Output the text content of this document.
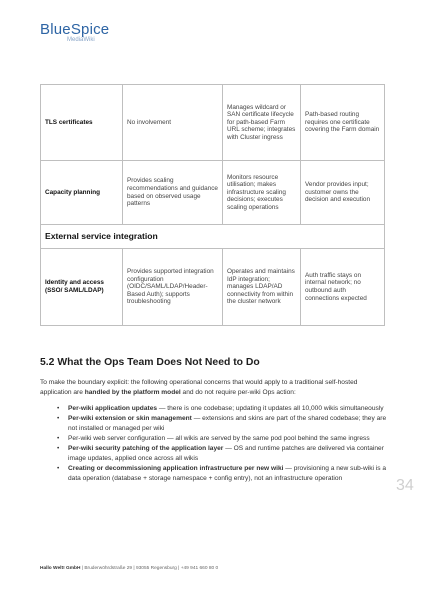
BlueSpice
MediaWiki
TLS certificates	No involvement	Manages wildcard or SAN certificate lifecycle for path-based Farm URL scheme; integrates with Cluster ingress	Path-based routing requires one certificate covering the Farm domain
Capacity planning	Provides scaling recommendations and guidance based on observed usage patterns	Monitors resource utilisation; makes infrastructure scaling decisions; executes scaling operations	Vendor provides input; customer owns the decision and execution
External service integration			
Identity and access (SSO/ SAML/LDAP)	Provides supported integration configuration (OIDC/SAML/LDAP/Header-Based Auth); supports troubleshooting	Operates and maintains IdP integration; manages LDAP/AD connectivity from within the cluster network	Auth traffic stays on internal network; no outbound auth connections expected
5.2 What the Ops Team Does Not Need to Do

To make the boundary explicit: the following operational concerns that would apply to a traditional self-hosted application are handled by the platform model and do not require per-wiki Ops action:

• Per-wiki application updates — there is one codebase; updating it updates all 10,000 wikis simultaneously
• Per-wiki extension or skin management — extensions and skins are part of the shared codebase; they are not installed or managed per wiki
• Per-wiki web server configuration — all wikis are served by the same pod pool behind the same ingress
• Per-wiki security patching of the application layer — OS and runtime patches are delivered via container image updates, applied once across all wikis
• Creating or decommissioning application infrastructure per new wiki — provisioning a new sub-wiki is a data operation (database + storage namespace + config entry), not an infrastructure operation	34
Hallo Welt! GmbH | Bruderwöhrdstraße 29 | 93055 Regensburg | +49 941 660 80 0
